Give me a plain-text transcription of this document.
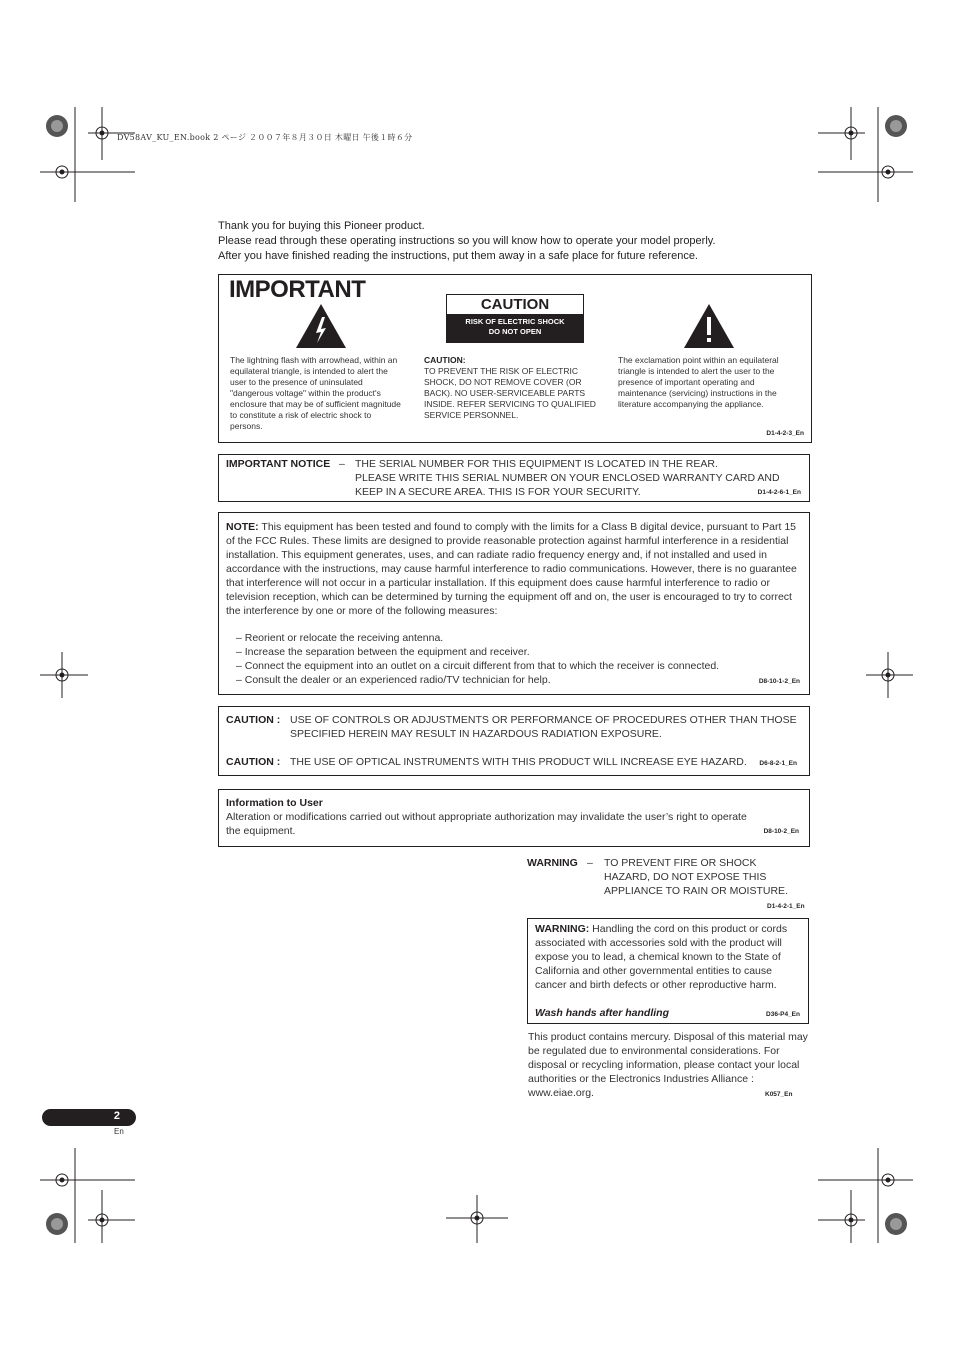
DV58AV_KU_EN.book 2 ページ ２００７年８月３０日 木曜日 午後１時６分

Thank you for buying this Pioneer product.

Please read through these operating instructions so you will know how to operate your model properly.

After you have finished reading the instructions, put them away in a safe place for future reference.

IMPORTANT
CAUTION
RISK OF ELECTRIC SHOCK
DO NOT OPEN
The lightning flash with arrowhead, within an equilateral triangle, is intended to alert the user to the presence of uninsulated "dangerous voltage" within the product's enclosure that may be of sufficient magnitude to constitute a risk of electric shock to persons.
CAUTION:
TO PREVENT THE RISK OF ELECTRIC SHOCK, DO NOT REMOVE COVER (OR BACK). NO USER-SERVICEABLE PARTS INSIDE. REFER SERVICING TO QUALIFIED SERVICE PERSONNEL.
The exclamation point within an equilateral triangle is intended to alert the user to the presence of important operating and maintenance (servicing) instructions in the literature accompanying the appliance.
D1-4-2-3_En
IMPORTANT NOTICE – THE SERIAL NUMBER FOR THIS EQUIPMENT IS LOCATED IN THE REAR.
PLEASE WRITE THIS SERIAL NUMBER ON YOUR ENCLOSED WARRANTY CARD AND
KEEP IN A SECURE AREA. THIS IS FOR YOUR SECURITY.	D1-4-2-6-1_En
NOTE: This equipment has been tested and found to comply with the limits for a Class B digital device, pursuant to Part 15 of the FCC Rules. These limits are designed to provide reasonable protection against harmful interference in a residential installation. This equipment generates, uses, and can radiate radio frequency energy and, if not installed and used in accordance with the instructions, may cause harmful interference to radio communications. However, there is no guarantee that interference will not occur in a particular installation. If this equipment does cause harmful interference to radio or television reception, which can be determined by turning the equipment off and on, the user is encouraged to try to correct the interference by one or more of the following measures:
– Reorient or relocate the receiving antenna.
– Increase the separation between the equipment and receiver.
– Connect the equipment into an outlet on a circuit different from that to which the receiver is connected.
– Consult the dealer or an experienced radio/TV technician for help.	D8-10-1-2_En
CAUTION : USE OF CONTROLS OR ADJUSTMENTS OR PERFORMANCE OF PROCEDURES OTHER THAN THOSE
SPECIFIED HEREIN MAY RESULT IN HAZARDOUS RADIATION EXPOSURE.
CAUTION : THE USE OF OPTICAL INSTRUMENTS WITH THIS PRODUCT WILL INCREASE EYE HAZARD. D6-8-2-1_En
Information to User
Alteration or modifications carried out without appropriate authorization may invalidate the user’s right to operate
the equipment.	D8-10-2_En
WARNING – TO PREVENT FIRE OR SHOCK
HAZARD, DO NOT EXPOSE THIS
APPLIANCE TO RAIN OR MOISTURE.
D1-4-2-1_En
WARNING: Handling the cord on this product or cords associated with accessories sold with the product will expose you to lead, a chemical known to the State of California and other governmental entities to cause cancer and birth defects or other reproductive harm.
Wash hands after handling	D36-P4_En
This product contains mercury. Disposal of this material may be regulated due to environmental considerations. For disposal or recycling information, please contact your local authorities or the Electronics Industries Alliance : www.eiae.org.	K057_En
2
En
